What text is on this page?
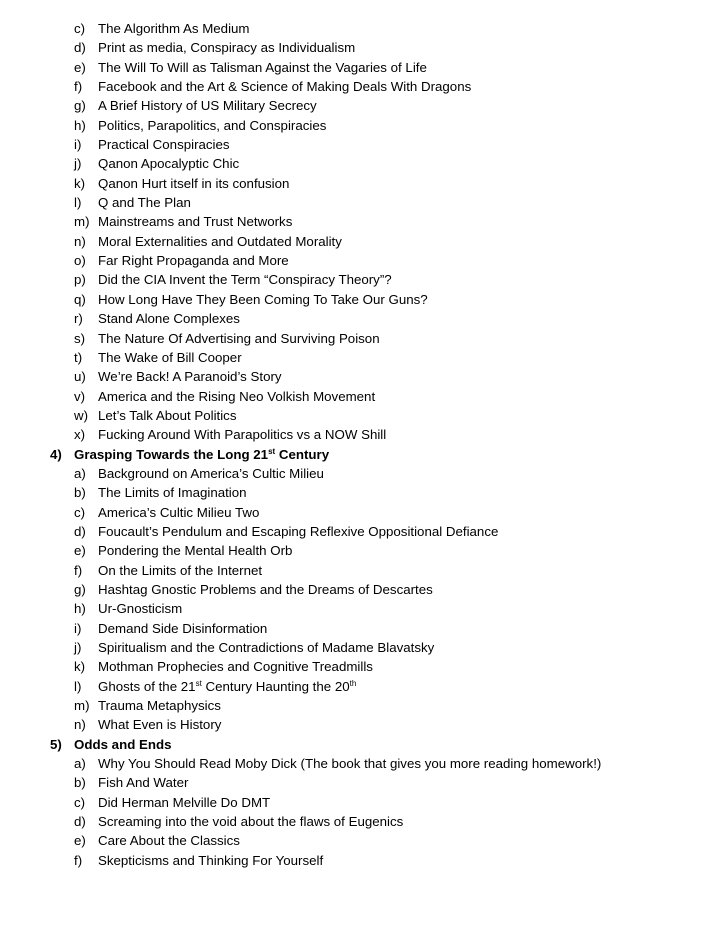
c) The Algorithm As Medium
d) Print as media, Conspiracy as Individualism
e) The Will To Will as Talisman Against the Vagaries of Life
f) Facebook and the Art & Science of Making Deals With Dragons
g) A Brief History of US Military Secrecy
h) Politics, Parapolitics, and Conspiracies
i) Practical Conspiracies
j) Qanon Apocalyptic Chic
k) Qanon Hurt itself in its confusion
l) Q and The Plan
m) Mainstreams and Trust Networks
n) Moral Externalities and Outdated Morality
o) Far Right Propaganda and More
p) Did the CIA Invent the Term “Conspiracy Theory”?
q) How Long Have They Been Coming To Take Our Guns?
r) Stand Alone Complexes
s) The Nature Of Advertising and Surviving Poison
t) The Wake of Bill Cooper
u) We’re Back! A Paranoid’s Story
v) America and the Rising Neo Volkish Movement
w) Let’s Talk About Politics
x) Fucking Around With Parapolitics vs a NOW Shill
4) Grasping Towards the Long 21st Century
a) Background on America’s Cultic Milieu
b) The Limits of Imagination
c) America’s Cultic Milieu Two
d) Foucault’s Pendulum and Escaping Reflexive Oppositional Defiance
e) Pondering the Mental Health Orb
f) On the Limits of the Internet
g) Hashtag Gnostic Problems and the Dreams of Descartes
h) Ur-Gnosticism
i) Demand Side Disinformation
j) Spiritualism and the Contradictions of Madame Blavatsky
k) Mothman Prophecies and Cognitive Treadmills
l) Ghosts of the 21st Century Haunting the 20th
m) Trauma Metaphysics
n) What Even is History
5) Odds and Ends
a) Why You Should Read Moby Dick (The book that gives you more reading homework!)
b) Fish And Water
c) Did Herman Melville Do DMT
d) Screaming into the void about the flaws of Eugenics
e) Care About the Classics
f) Skepticisms and Thinking For Yourself
